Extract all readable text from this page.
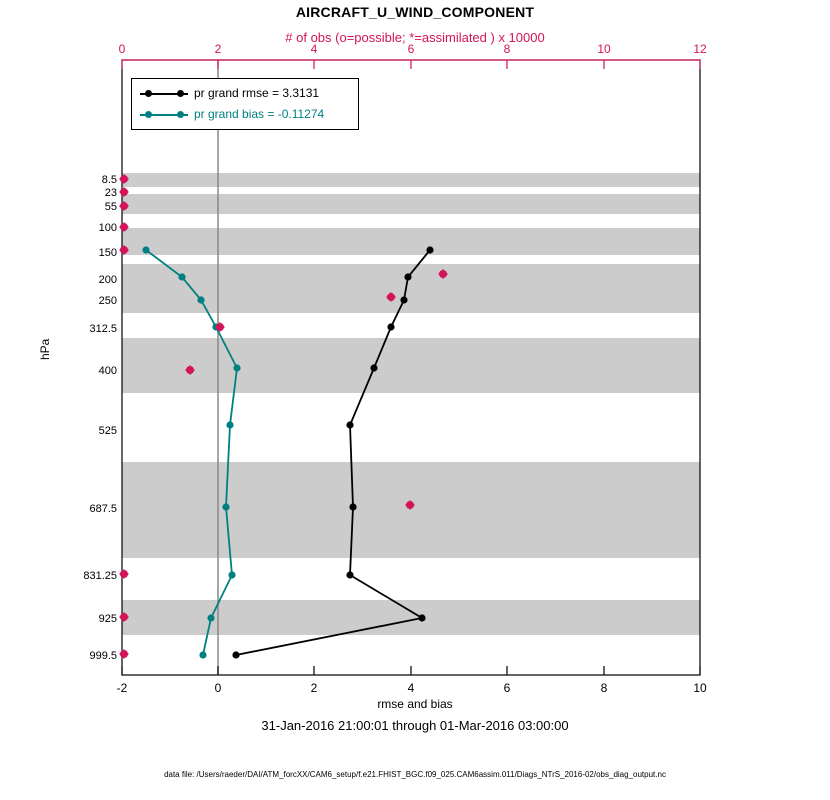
AIRCRAFT_U_WIND_COMPONENT
# of obs (o=possible; *=assimilated ) x 10000
-2	0	2	4	6	8	10
0	2	4	6	8	10	12
8.5
23
55
100
150
200
250
312.5
400
525
687.5
831.25
925
999.5
hPa
pr grand rmse = 3.3131
pr grand bias = -0.11274
rmse and bias
31-Jan-2016 21:00:01 through 01-Mar-2016 03:00:00
data file: /Users/raeder/DAI/ATM_forcXX/CAM6_setup/f.e21.FHIST_BGC.f09_025.CAM6assim.011/Diags_NTrS_2016-02/obs_diag_output.nc
